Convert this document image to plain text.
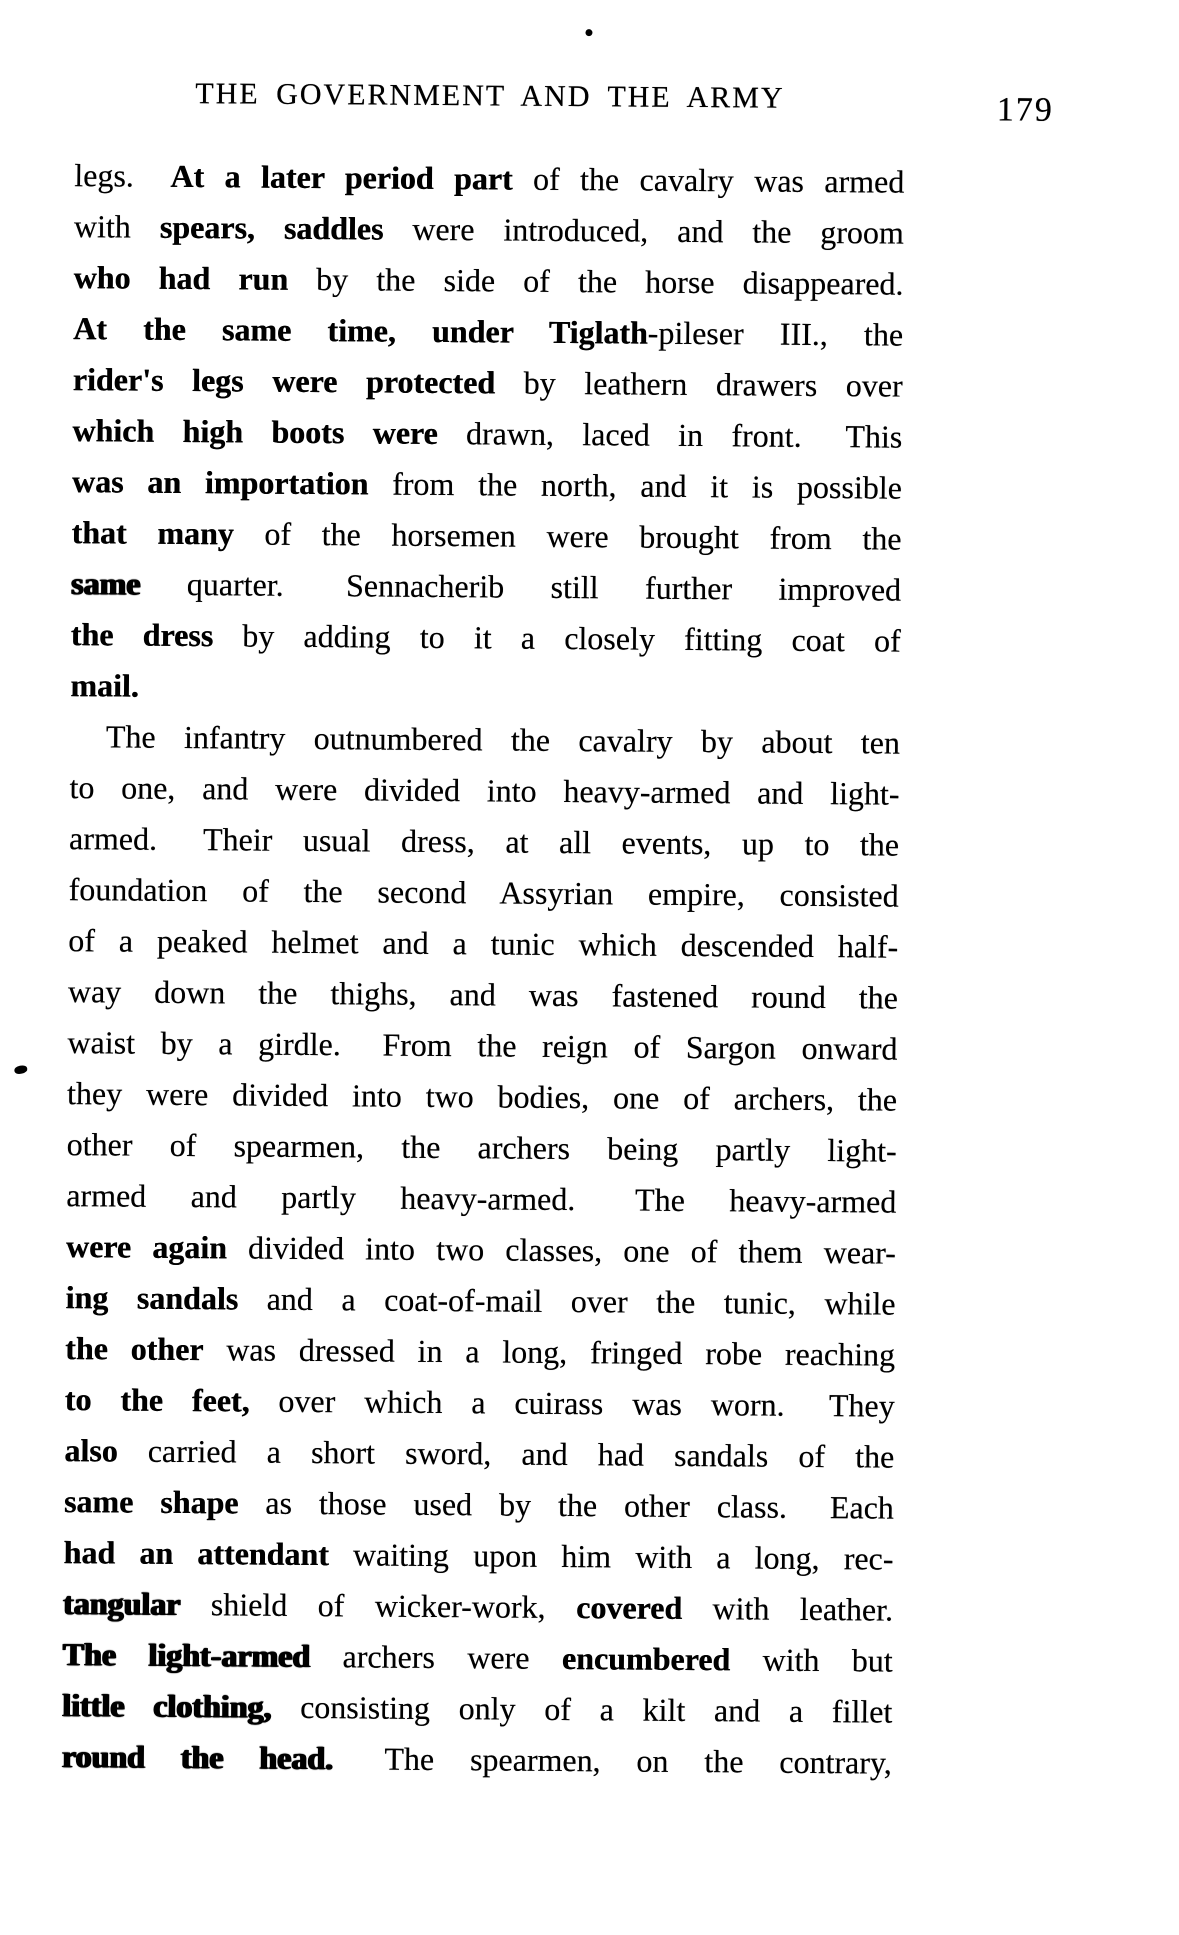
THE GOVERNMENT AND THE ARMY	179
legs.  At a later period part of the cavalry was armed
with spears, saddles were introduced, and the groom
who had run by the side of the horse disappeared.
At the same time, under Tiglath-pileser III., the
rider's legs were protected by leathern drawers over
which high boots were drawn, laced in front.  This
was an importation from the north, and it is possible
that many of the horsemen were brought from the
same quarter.  Sennacherib still further improved
the dress by adding to it a closely fitting coat of
mail.
The infantry outnumbered the cavalry by about ten
to one, and were divided into heavy-armed and light-
armed.  Their usual dress, at all events, up to the
foundation of the second Assyrian empire, consisted
of a peaked helmet and a tunic which descended half-
way down the thighs, and was fastened round the
waist by a girdle.  From the reign of Sargon onward
they were divided into two bodies, one of archers, the
other of spearmen, the archers being partly light-
armed and partly heavy-armed.  The heavy-armed
were again divided into two classes, one of them wear-
ing sandals and a coat-of-mail over the tunic, while
the other was dressed in a long, fringed robe reaching
to the feet, over which a cuirass was worn.  They
also carried a short sword, and had sandals of the
same shape as those used by the other class.  Each
had an attendant waiting upon him with a long, rec-
tangular shield of wicker-work, covered with leather.
The light-armed archers were encumbered with but
little clothing, consisting only of a kilt and a fillet
round the head.  The spearmen, on the contrary,
